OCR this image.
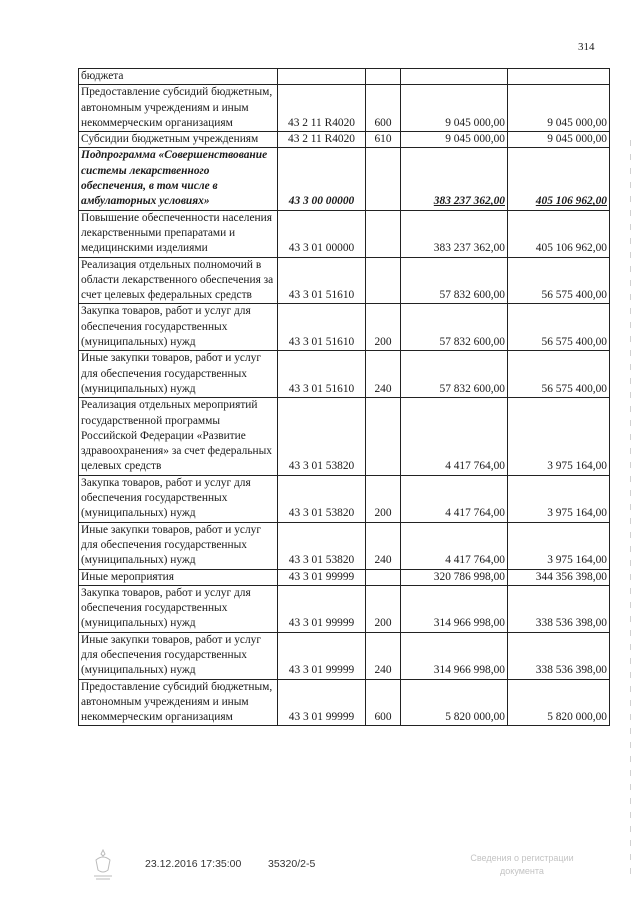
314
бюджета				
Предоставление субсидий бюджетным, автономным учреждениям и иным некоммерческим организациям	43 2 11 R4020	600	9 045 000,00	9 045 000,00
Субсидии бюджетным учреждениям	43 2 11 R4020	610	9 045 000,00	9 045 000,00
Подпрограмма «Совершенствование системы лекарственного обеспечения, в том числе в амбулаторных условиях»	43 3 00 00000		383 237 362,00	405 106 962,00
Повышение обеспеченности населения лекарственными препаратами и медицинскими изделиями	43 3 01 00000		383 237 362,00	405 106 962,00
Реализация отдельных полномочий в области лекарственного обеспечения за счет целевых федеральных средств	43 3 01 51610		57 832 600,00	56 575 400,00
Закупка товаров, работ и услуг для обеспечения государственных (муниципальных) нужд	43 3 01 51610	200	57 832 600,00	56 575 400,00
Иные закупки товаров, работ и услуг для обеспечения государственных (муниципальных) нужд	43 3 01 51610	240	57 832 600,00	56 575 400,00
Реализация отдельных мероприятий государственной программы Российской Федерации «Развитие здравоохранения» за счет федеральных целевых средств	43 3 01 53820		4 417 764,00	3 975 164,00
Закупка товаров, работ и услуг для обеспечения государственных (муниципальных) нужд	43 3 01 53820	200	4 417 764,00	3 975 164,00
Иные закупки товаров, работ и услуг для обеспечения государственных (муниципальных) нужд	43 3 01 53820	240	4 417 764,00	3 975 164,00
Иные мероприятия	43 3 01 99999		320 786 998,00	344 356 398,00
Закупка товаров, работ и услуг для обеспечения государственных (муниципальных) нужд	43 3 01 99999	200	314 966 998,00	338 536 398,00
Иные закупки товаров, работ и услуг для обеспечения государственных (муниципальных) нужд	43 3 01 99999	240	314 966 998,00	338 536 398,00
Предоставление субсидий бюджетным, автономным учреждениям и иным некоммерческим организациям	43 3 01 99999	600	5 820 000,00	5 820 000,00
23.12.2016 17:35:00	35320/2-5	Сведения о регистрации
документа
